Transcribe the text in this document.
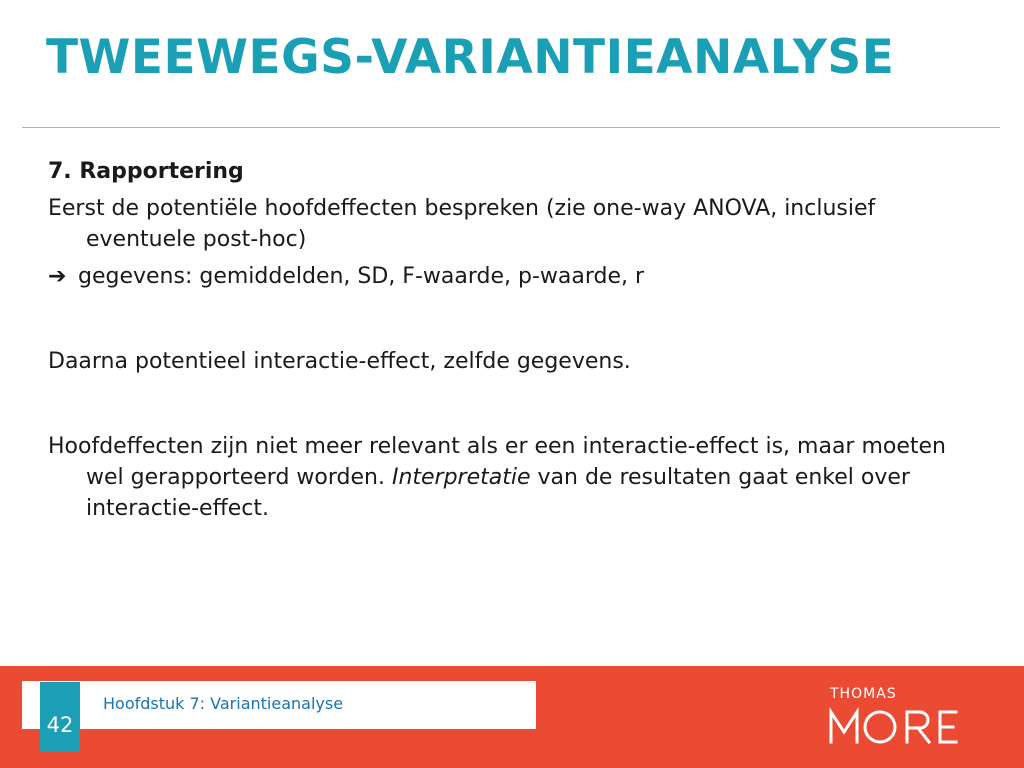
TWEEWEGS-VARIANTIEANALYSE

7. Rapportering

Eerst de potentiële hoofdeffecten bespreken (zie one-way ANOVA, inclusief eventuele post-hoc)

➔ gegevens: gemiddelden, SD, F-waarde, p-waarde, r

Daarna potentieel interactie-effect, zelfde gegevens.

Hoofdeffecten zijn niet meer relevant als er een interactie-effect is, maar moeten wel gerapporteerd worden. Interpretatie van de resultaten gaat enkel over interactie-effect.

Hoofdstuk 7: Variantieanalyse
42
THOMAS
